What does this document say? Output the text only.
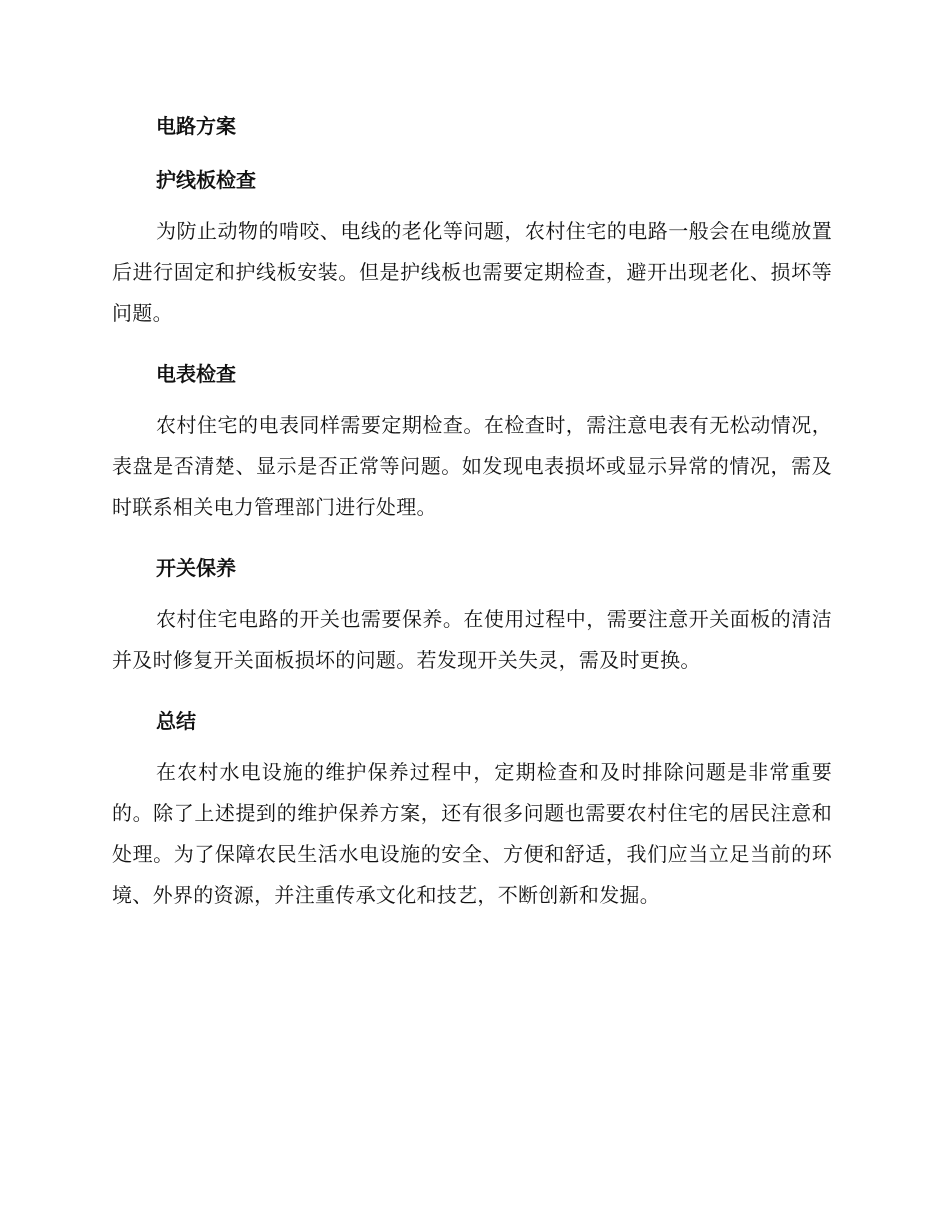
电路方案
护线板检查

为防止动物的啃咬、电线的老化等问题，农村住宅的电路一般会在电缆放置后进行固定和护线板安装。但是护线板也需要定期检查，避开出现老化、损坏等问题。

电表检查

农村住宅的电表同样需要定期检查。在检查时，需注意电表有无松动情况，表盘是否清楚、显示是否正常等问题。如发现电表损坏或显示异常的情况，需及时联系相关电力管理部门进行处理。

开关保养

农村住宅电路的开关也需要保养。在使用过程中，需要注意开关面板的清洁并及时修复开关面板损坏的问题。若发现开关失灵，需及时更换。

总结

在农村水电设施的维护保养过程中，定期检查和及时排除问题是非常重要的。除了上述提到的维护保养方案，还有很多问题也需要农村住宅的居民注意和处理。为了保障农民生活水电设施的安全、方便和舒适，我们应当立足当前的环境、外界的资源，并注重传承文化和技艺，不断创新和发掘。
